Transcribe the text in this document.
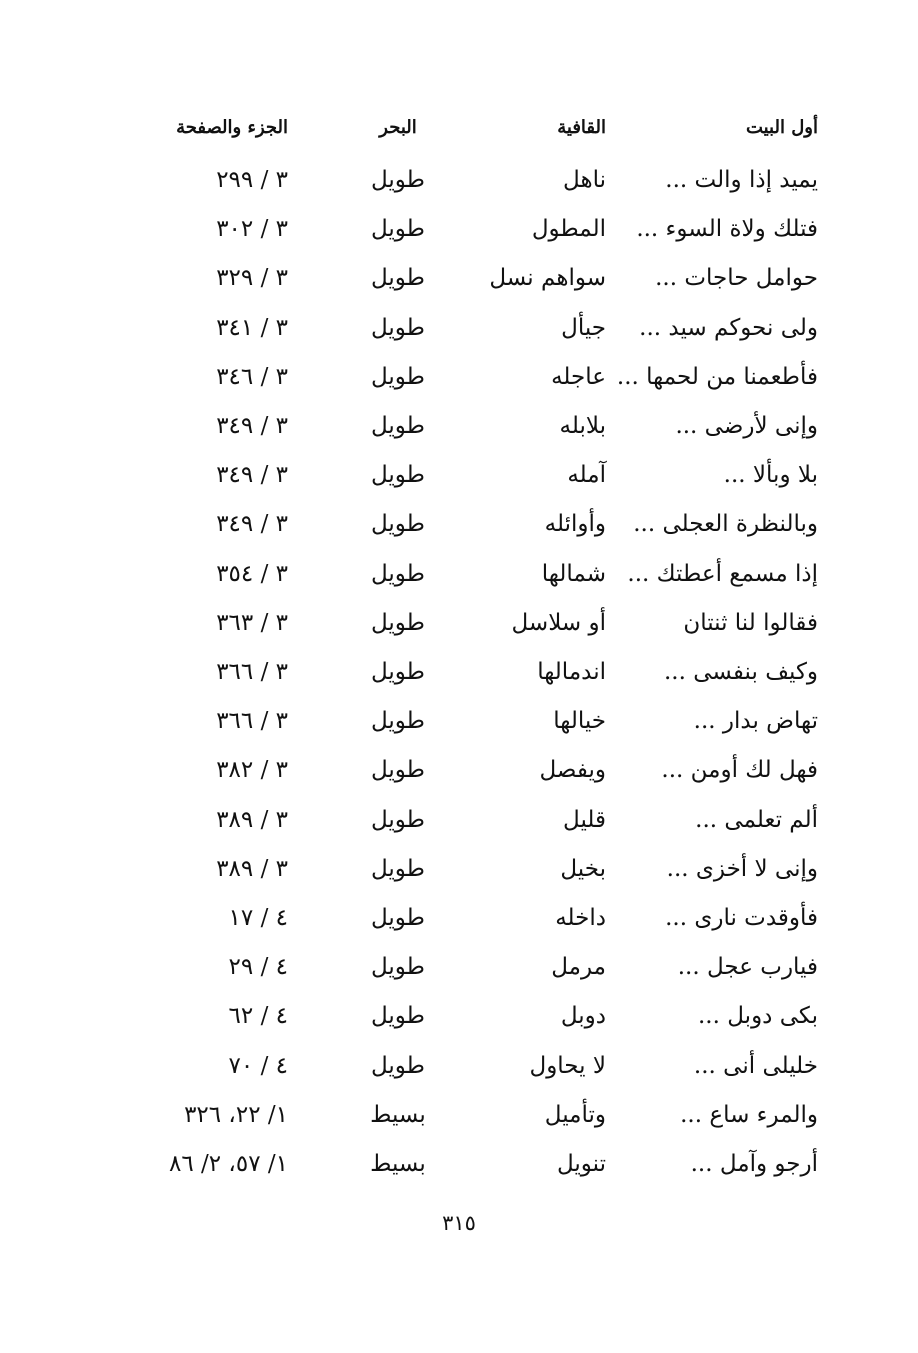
أول البيت
القافية
البحر
الجزء والصفحة
يميد إذا والت ...
ناهل
طويل
٣ / ٢٩٩
فتلك ولاة السوء ...
المطول
طويل
٣ / ٣٠٢
حوامل حاجات ...
سواهم نسل
طويل
٣ / ٣٢٩
ولى نحوكم سيد ...
جيأل
طويل
٣ / ٣٤١
فأطعمنا من لحمها ...
عاجله
طويل
٣ / ٣٤٦
وإنى لأرضى ...
بلابله
طويل
٣ / ٣٤٩
بلا وبألا ...
آمله
طويل
٣ / ٣٤٩
وبالنظرة العجلى ...
وأوائله
طويل
٣ / ٣٤٩
إذا مسمع أعطتك ...
شمالها
طويل
٣ / ٣٥٤
فقالوا لنا ثنتان
أو سلاسل
طويل
٣ / ٣٦٣
وكيف بنفسى ...
اندمالها
طويل
٣ / ٣٦٦
تهاض بدار ...
خيالها
طويل
٣ / ٣٦٦
فهل لك أومن ...
ويفصل
طويل
٣ / ٣٨٢
ألم تعلمى ...
قليل
طويل
٣ / ٣٨٩
وإنى لا أخزى ...
بخيل
طويل
٣ / ٣٨٩
فأوقدت نارى ...
داخله
طويل
٤ / ١٧
فيارب عجل ...
مرمل
طويل
٤ / ٢٩
بكى دوبل ...
دوبل
طويل
٤ / ٦٢
خليلى أنى ...
لا يحاول
طويل
٤ / ٧٠
والمرء ساع ...
وتأميل
بسيط
١/ ٢٢، ٣٢٦
أرجو وآمل ...
تنويل
بسيط
١/ ٥٧، ٢/ ٨٦
٣١٥
